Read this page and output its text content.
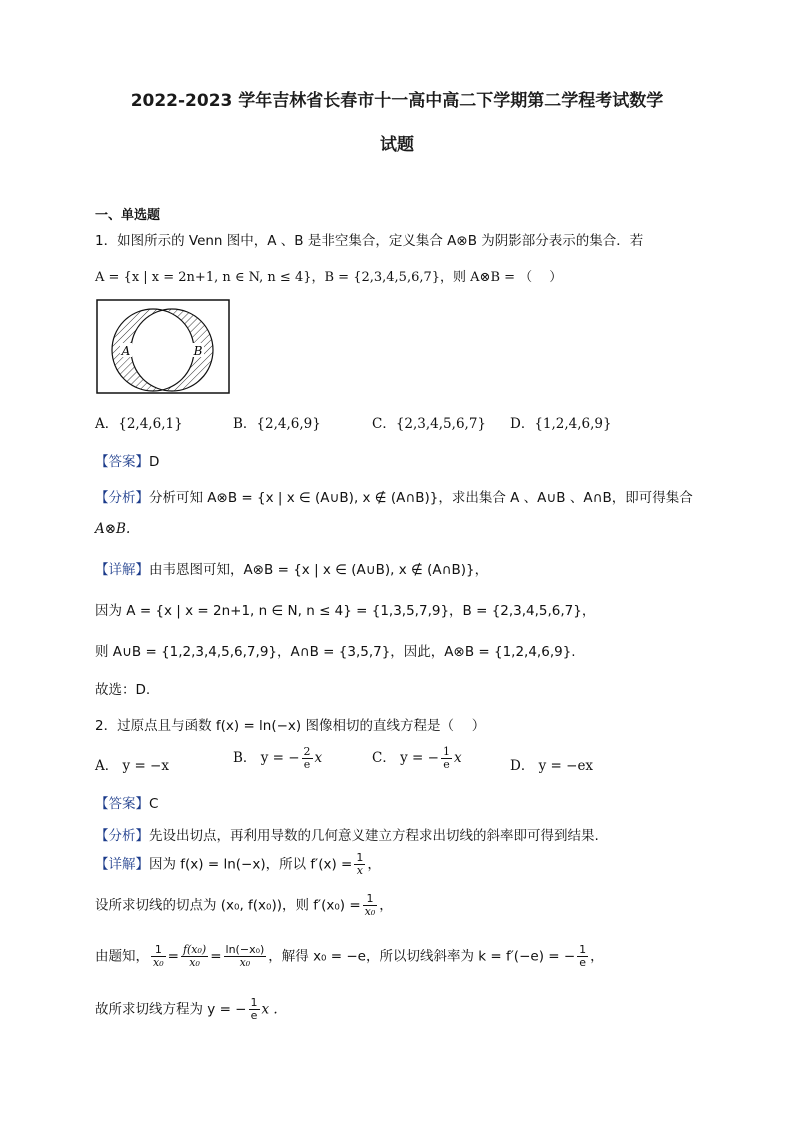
2022-2023 学年吉林省长春市十一高中高二下学期第二学程考试数学
试题
一、单选题
1．如图所示的 Venn 图中，A 、B 是非空集合，定义集合 A⊗B 为阴影部分表示的集合．若
A = {x | x = 2n+1, n ∈ N, n ≤ 4}，B = {2,3,4,5,6,7}，则 A⊗B = （　 ）
A	B
A．{2,4,6,1}	B．{2,4,6,9}	C．{2,3,4,5,6,7} D．{1,2,4,6,9}
【答案】D
【分析】分析可知 A⊗B = {x | x ∈ (A∪B), x ∉ (A∩B)}，求出集合 A 、A∪B 、A∩B，即可得集合
A⊗B.
【详解】由韦恩图可知，A⊗B = {x | x ∈ (A∪B), x ∉ (A∩B)}，
因为 A = {x | x = 2n+1, n ∈ N, n ≤ 4} = {1,3,5,7,9}，B = {2,3,4,5,6,7}，
则 A∪B = {1,2,3,4,5,6,7,9}，A∩B = {3,5,7}，因此，A⊗B = {1,2,4,6,9}.
故选：D.
2．过原点且与函数 f(x) = ln(−x) 图像相切的直线方程是（　 ）
A． y = −x	B． y = − $\frac{2}{e}$ x	C． y = − $\frac{1}{e}$ x	D． y = −ex
【答案】C
【分析】先设出切点，再利用导数的几何意义建立方程求出切线的斜率即可得到结果.
【详解】因为 f(x) = ln(−x)，所以 $f'(x) = \frac{1}{x}$ ，
设所求切线的切点为 (x₀, f(x₀))，则 $f'(x_0) = \frac{1}{\text{x₀}}$ ，
由题知， $\frac{1}{\text{x₀}} = \frac{\text{f(x₀)}}{\text{x₀}} = \frac{\text{ln(−x₀)}}{\text{x₀}}$ ，解得 x₀ = −e，所以切线斜率为 k = f′(−e) = − $\frac{1}{e}$ ，
故所求切线方程为 y = − $\frac{1}{e}$ x .
